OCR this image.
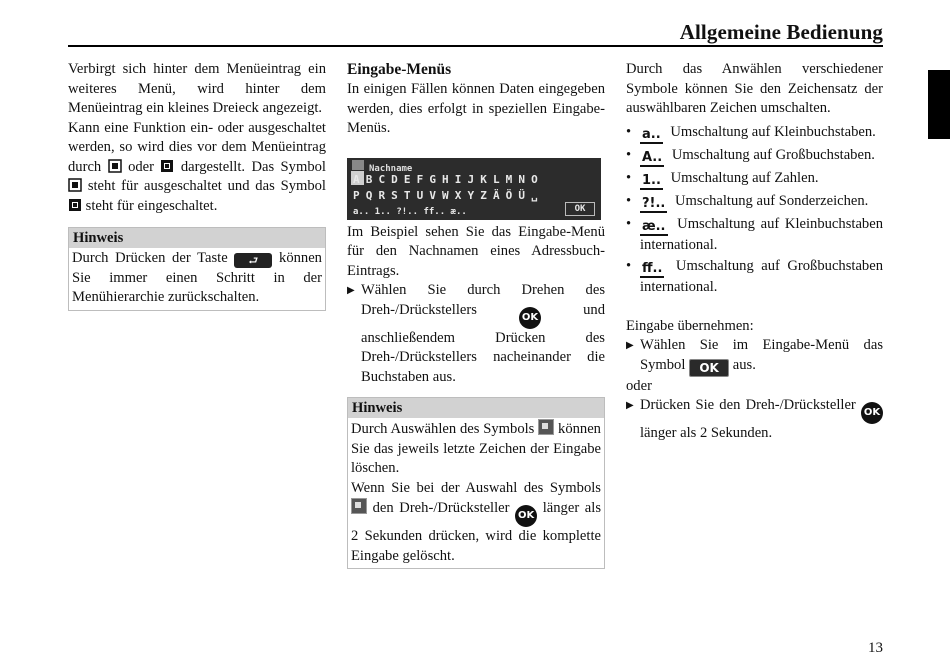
Allgemeine Bedienung

Verbirgt sich hinter dem Menüeintrag ein weiteres Menü, wird hinter dem Menüeintrag ein kleines Dreieck angezeigt.

Kann eine Funktion ein- oder ausgeschaltet werden, so wird dies vor dem Menüeintrag durch oder dargestellt. Das Symbol  steht für ausgeschaltet und das Symbol  steht für eingeschaltet.

Hinweis
Durch Drücken der Taste ⮐ können Sie immer einen Schritt in der Menühierarchie zurückschalten.
Eingabe-Menüs

In einigen Fällen können Daten eingegeben werden, dies erfolgt in speziellen Eingabe-Menüs.

Nachname
ABCDEFGHIJKLMNO
PQRSTUVWXYZÄÖÜ␣
a.. 1.. ?!.. ff.. æ..	OK

Im Beispiel sehen Sie das Eingabe-Menü für den Nachnamen eines Adressbuch-Eintrags.

▶ Wählen Sie durch Drehen des Dreh-/Drückstellers	OK	und anschließendem Drücken des Dreh-/Drückstellers nacheinander die Buchstaben aus.
Hinweis
Durch Auswählen des Symbols können Sie das jeweils letzte Zeichen der Eingabe löschen.
Wenn Sie bei der Auswahl des Symbols  den Dreh-/Drücksteller OK länger als 2 Sekunden drücken, wird die komplette Eingabe gelöscht.

Durch das Anwählen verschiedener Symbole können Sie den Zeichensatz der auswählbaren Zeichen umschalten.

• a.. Umschaltung auf Kleinbuchstaben.
• A.. Umschaltung auf Großbuchstaben.
• 1.. Umschaltung auf Zahlen.
• ?!.. Umschaltung auf Sonderzeichen.
• æ.. Umschaltung auf Kleinbuchstaben international.
• ff.. Umschaltung auf Großbuchstaben international.

Eingabe übernehmen:

▶ Wählen Sie im Eingabe-Menü das Symbol OK aus.

oder

▶ Drücken Sie den Dreh-/Drücksteller OK länger als 2 Sekunden.
13
